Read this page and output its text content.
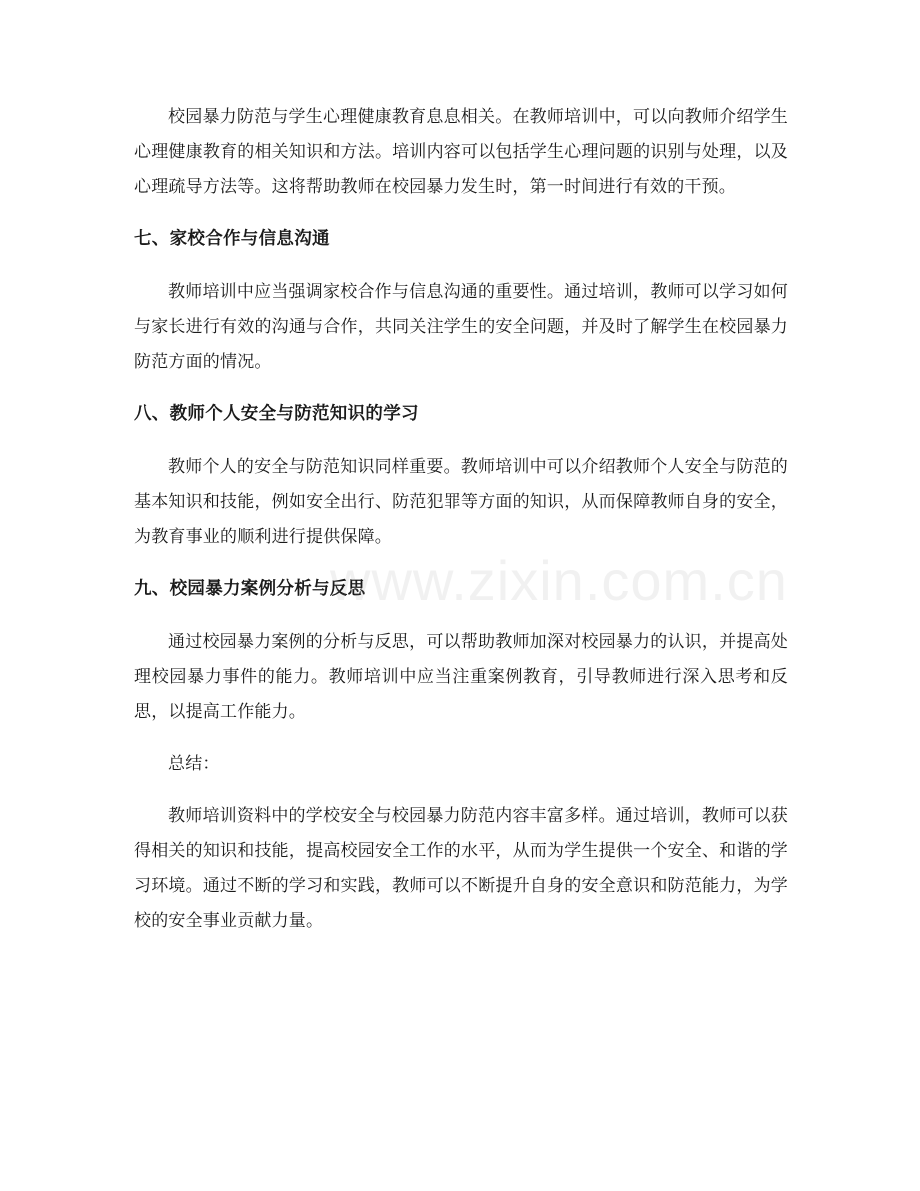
校园暴力防范与学生心理健康教育息息相关。在教师培训中，可以向教师介绍学生心理健康教育的相关知识和方法。培训内容可以包括学生心理问题的识别与处理，以及心理疏导方法等。这将帮助教师在校园暴力发生时，第一时间进行有效的干预。

七、家校合作与信息沟通

教师培训中应当强调家校合作与信息沟通的重要性。通过培训，教师可以学习如何与家长进行有效的沟通与合作，共同关注学生的安全问题，并及时了解学生在校园暴力防范方面的情况。

八、教师个人安全与防范知识的学习

教师个人的安全与防范知识同样重要。教师培训中可以介绍教师个人安全与防范的基本知识和技能，例如安全出行、防范犯罪等方面的知识，从而保障教师自身的安全，为教育事业的顺利进行提供保障。

九、校园暴力案例分析与反思

通过校园暴力案例的分析与反思，可以帮助教师加深对校园暴力的认识，并提高处理校园暴力事件的能力。教师培训中应当注重案例教育，引导教师进行深入思考和反思，以提高工作能力。

总结：

教师培训资料中的学校安全与校园暴力防范内容丰富多样。通过培训，教师可以获得相关的知识和技能，提高校园安全工作的水平，从而为学生提供一个安全、和谐的学习环境。通过不断的学习和实践，教师可以不断提升自身的安全意识和防范能力，为学校的安全事业贡献力量。

www.zixin.com.cn
